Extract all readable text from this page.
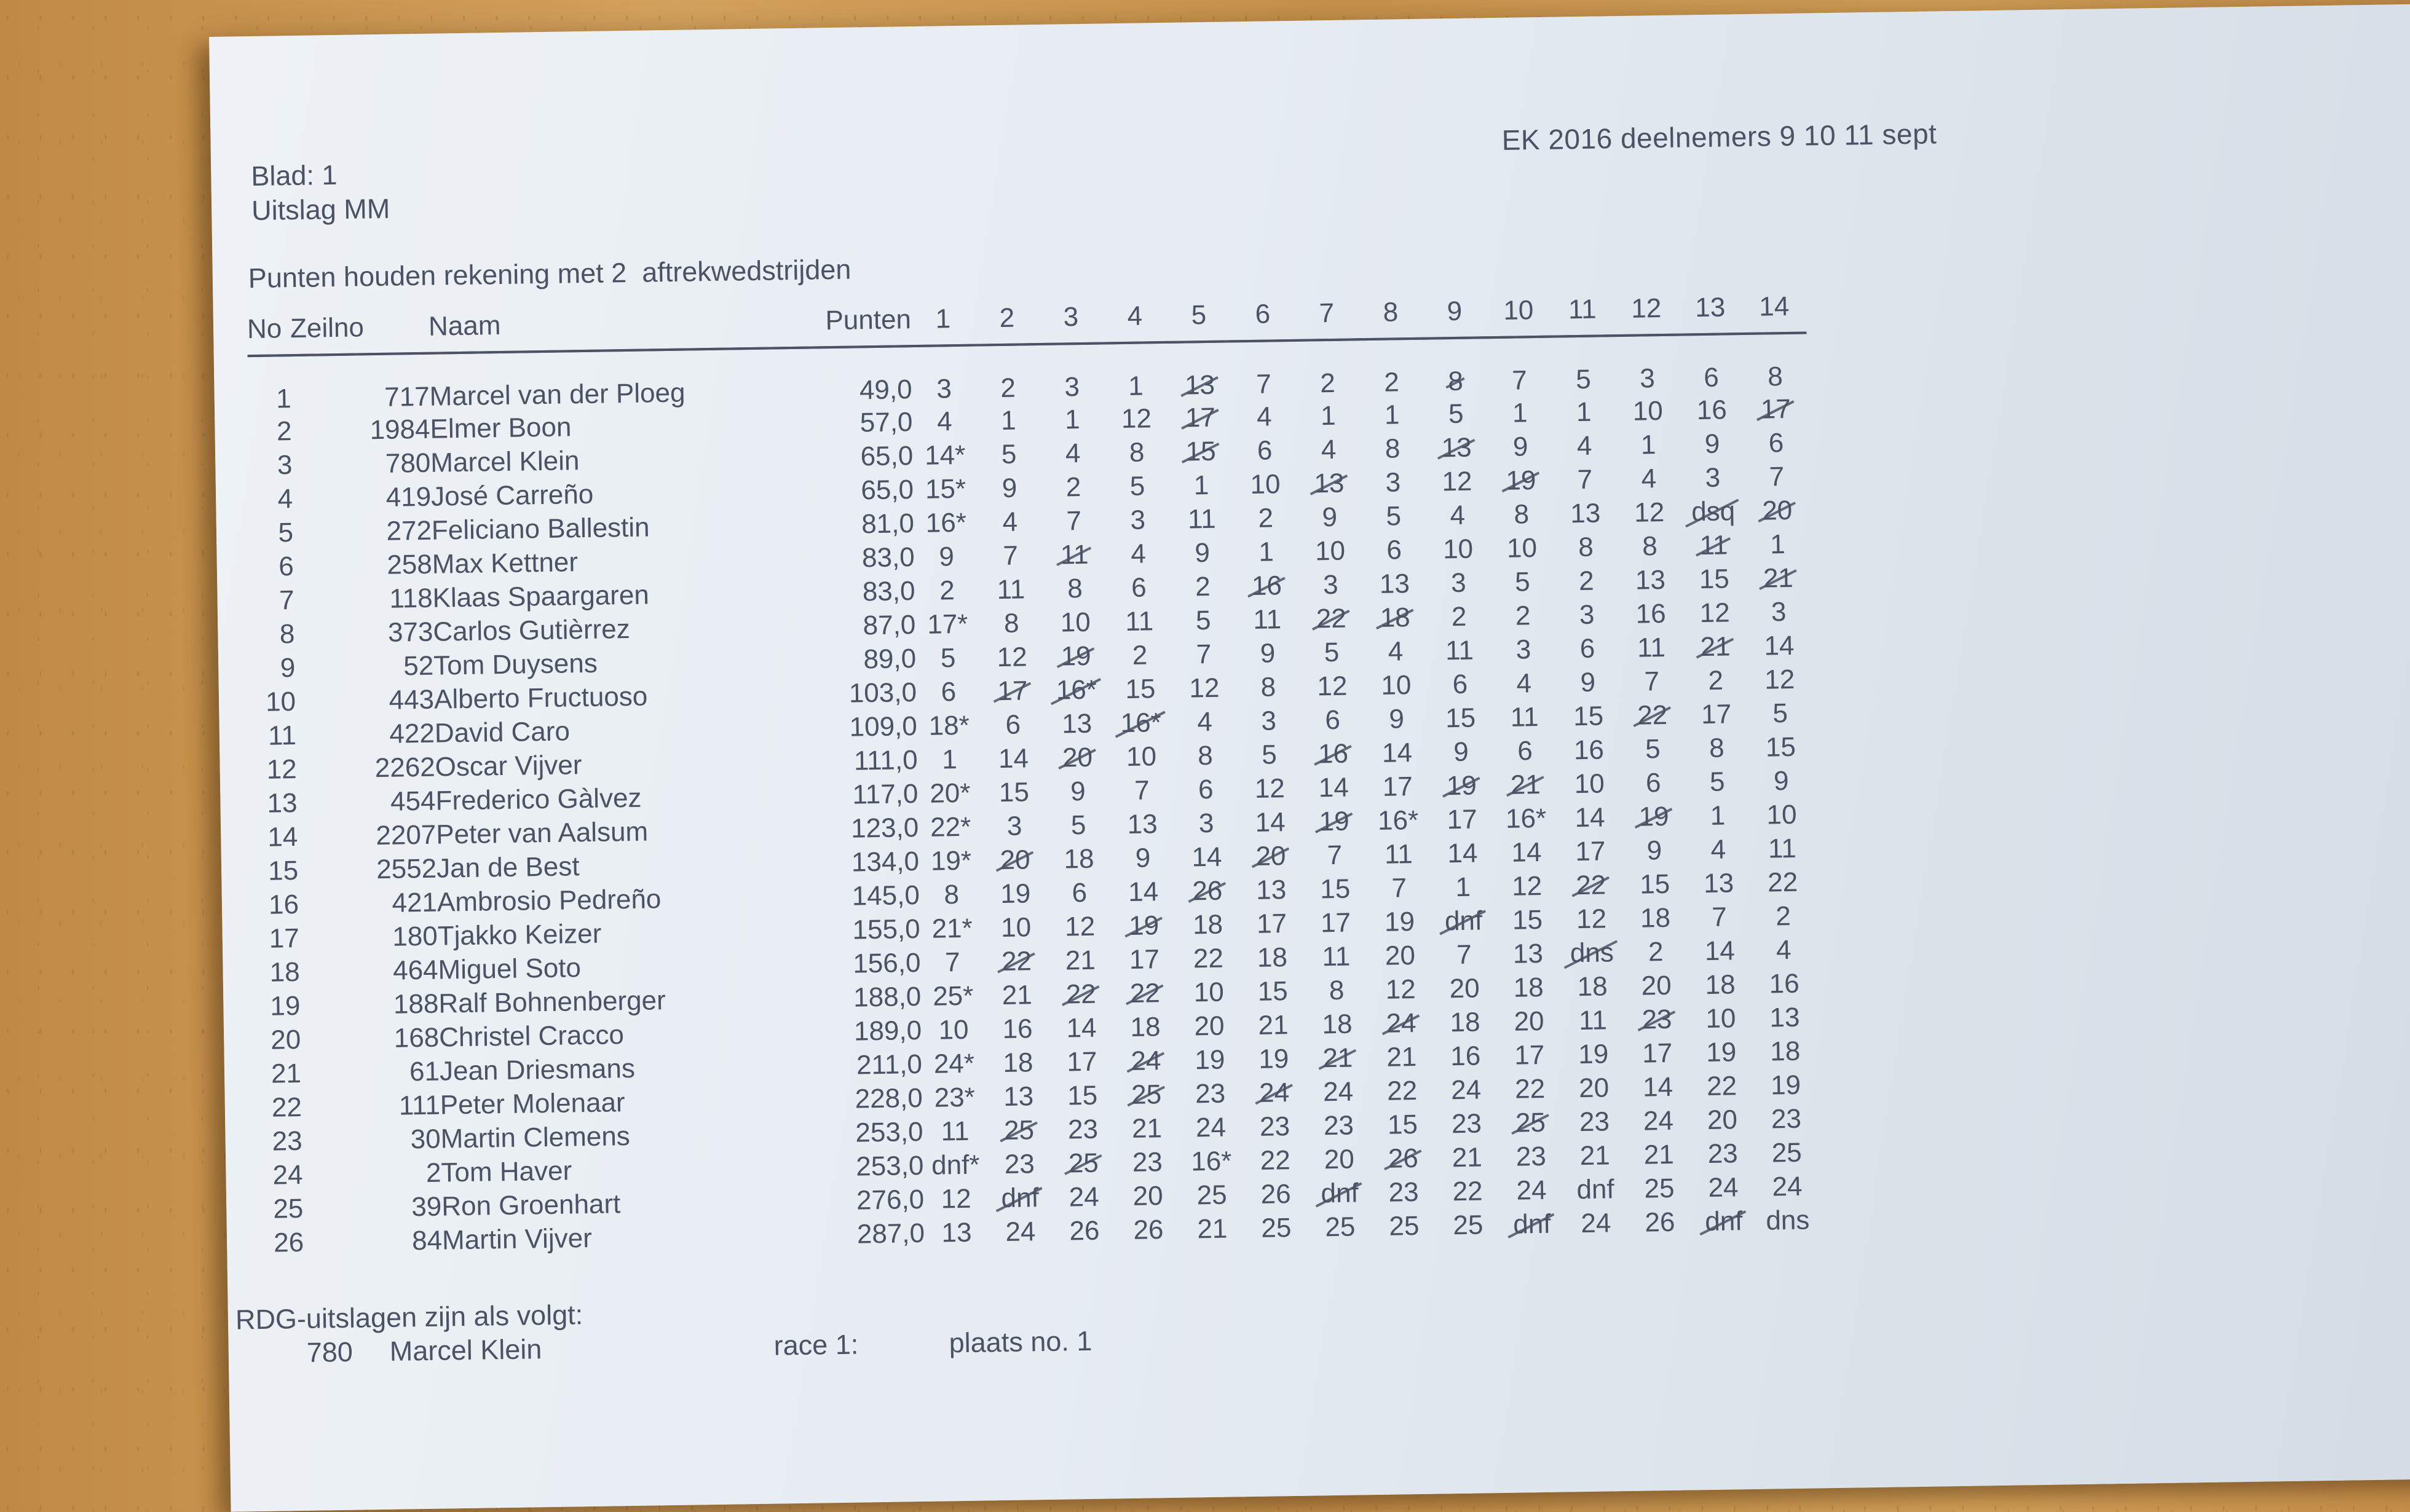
EK 2016 deelnemers 9 10 11 sept
Blad: 1
Uitslag MM
Punten houden rekening met 2  aftrekwedstrijden
No	Zeilno	Naam	Punten	1	2	3	4	5	6	7	8	9	10	11	12	13	14
1	717	Marcel van der Ploeg	49,0	3	2	3	1	13	7	2	2	8	7	5	3	6	8
2	1984	Elmer Boon	57,0	4	1	1	12	17	4	1	1	5	1	1	10	16	17
3	780	Marcel Klein	65,0	14*	5	4	8	15	6	4	8	13	9	4	1	9	6
4	419	José Carreño	65,0	15*	9	2	5	1	10	13	3	12	19	7	4	3	7
5	272	Feliciano Ballestin	81,0	16*	4	7	3	11	2	9	5	4	8	13	12	dsq	20
6	258	Max Kettner	83,0	9	7	11	4	9	1	10	6	10	10	8	8	11	1
7	118	Klaas Spaargaren	83,0	2	11	8	6	2	16	3	13	3	5	2	13	15	21
8	373	Carlos Gutièrrez	87,0	17*	8	10	11	5	11	22	18	2	2	3	16	12	3
9	52	Tom Duysens	89,0	5	12	19	2	7	9	5	4	11	3	6	11	21	14
10	443	Alberto Fructuoso	103,0	6	17	16*	15	12	8	12	10	6	4	9	7	2	12
11	422	David Caro	109,0	18*	6	13	16*	4	3	6	9	15	11	15	22	17	5
12	2262	Oscar Vijver	111,0	1	14	20	10	8	5	16	14	9	6	16	5	8	15
13	454	Frederico Gàlvez	117,0	20*	15	9	7	6	12	14	17	19	21	10	6	5	9
14	2207	Peter van Aalsum	123,0	22*	3	5	13	3	14	19	16*	17	16*	14	19	1	10
15	2552	Jan de Best	134,0	19*	20	18	9	14	20	7	11	14	14	17	9	4	11
16	421	Ambrosio Pedreño	145,0	8	19	6	14	26	13	15	7	1	12	22	15	13	22
17	180	Tjakko Keizer	155,0	21*	10	12	19	18	17	17	19	dnf	15	12	18	7	2
18	464	Miguel Soto	156,0	7	22	21	17	22	18	11	20	7	13	dns	2	14	4
19	188	Ralf Bohnenberger	188,0	25*	21	22	22	10	15	8	12	20	18	18	20	18	16
20	168	Christel Cracco	189,0	10	16	14	18	20	21	18	24	18	20	11	23	10	13
21	61	Jean Driesmans	211,0	24*	18	17	24	19	19	21	21	16	17	19	17	19	18
22	111	Peter Molenaar	228,0	23*	13	15	25	23	24	24	22	24	22	20	14	22	19
23	30	Martin Clemens	253,0	11	25	23	21	24	23	23	15	23	25	23	24	20	23
24	2	Tom Haver	253,0	dnf*	23	25	23	16*	22	20	26	21	23	21	21	23	25
25	39	Ron Groenhart	276,0	12	dnf	24	20	25	26	dnf	23	22	24	dnf	25	24	24
26	84	Martin Vijver	287,0	13	24	26	26	21	25	25	25	25	dnf	24	26	dnf	dns
RDG-uitslagen zijn als volgt:
780 Marcel Klein	race 1:	plaats no. 1
